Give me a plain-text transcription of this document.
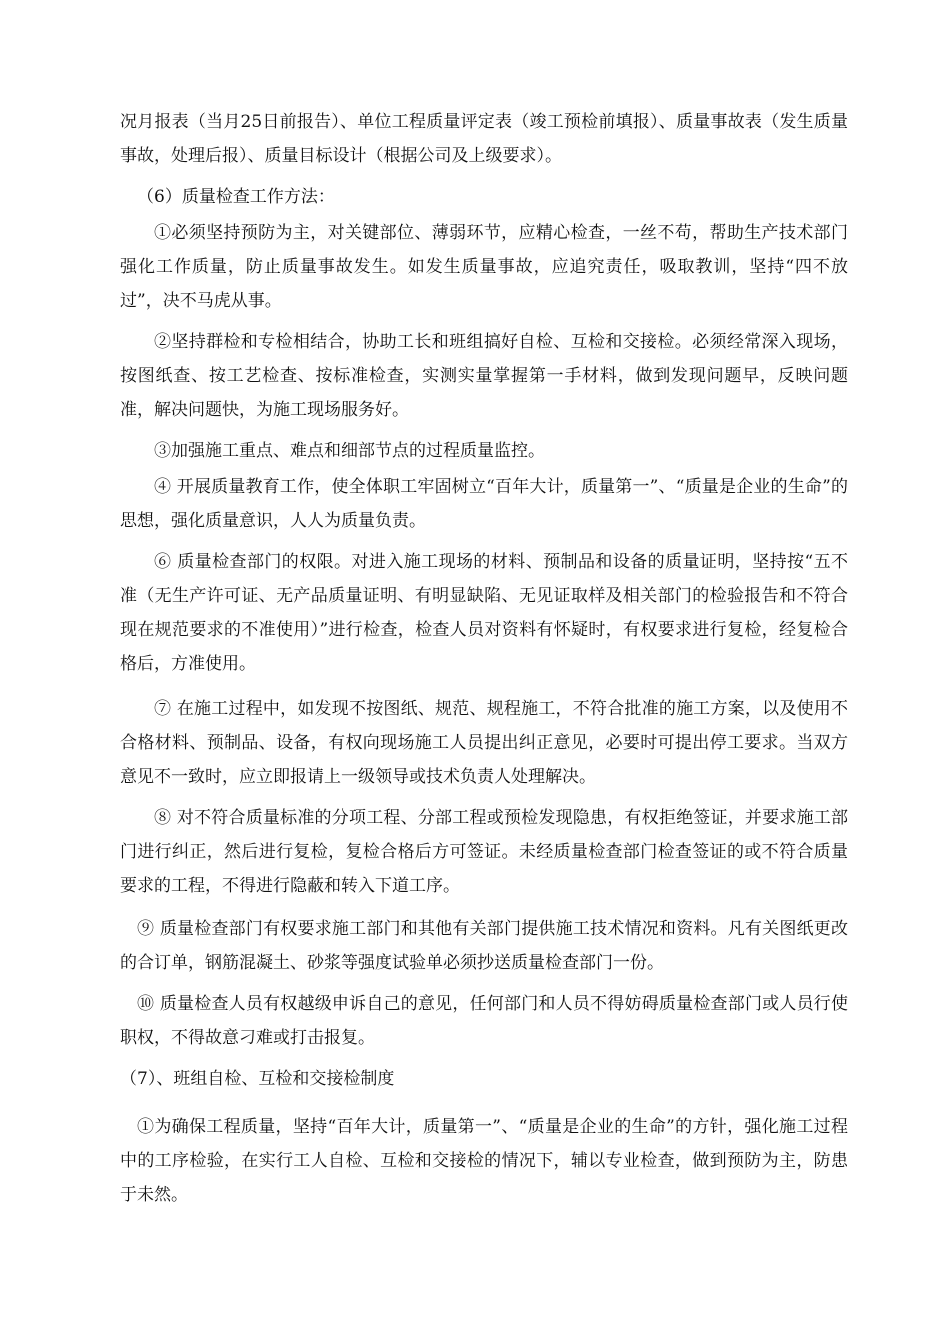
况月报表（当月25日前报告）、单位工程质量评定表（竣工预检前填报）、质量事故表（发生质量事故，处理后报）、质量目标设计（根据公司及上级要求）。

（6）质量检查工作方法：

①必须坚持预防为主，对关键部位、薄弱环节，应精心检查，一丝不苟，帮助生产技术部门强化工作质量，防止质量事故发生。如发生质量事故，应追究责任，吸取教训，坚持“四不放过”，决不马虎从事。

②坚持群检和专检相结合，协助工长和班组搞好自检、互检和交接检。必须经常深入现场，按图纸查、按工艺检查、按标准检查，实测实量掌握第一手材料，做到发现问题早，反映问题准，解决问题快，为施工现场服务好。

③加强施工重点、难点和细部节点的过程质量监控。

④ 开展质量教育工作，使全体职工牢固树立“百年大计，质量第一”、“质量是企业的生命”的思想，强化质量意识，人人为质量负责。

⑥ 质量检查部门的权限。对进入施工现场的材料、预制品和设备的质量证明，坚持按“五不准（无生产许可证、无产品质量证明、有明显缺陷、无见证取样及相关部门的检验报告和不符合现在规范要求的不准使用）”进行检查，检查人员对资料有怀疑时，有权要求进行复检，经复检合格后，方准使用。

⑦ 在施工过程中，如发现不按图纸、规范、规程施工，不符合批准的施工方案，以及使用不合格材料、预制品、设备，有权向现场施工人员提出纠正意见，必要时可提出停工要求。当双方意见不一致时，应立即报请上一级领导或技术负责人处理解决。

⑧ 对不符合质量标准的分项工程、分部工程或预检发现隐患，有权拒绝签证，并要求施工部门进行纠正，然后进行复检，复检合格后方可签证。未经质量检查部门检查签证的或不符合质量要求的工程，不得进行隐蔽和转入下道工序。

⑨ 质量检查部门有权要求施工部门和其他有关部门提供施工技术情况和资料。凡有关图纸更改的合订单，钢筋混凝土、砂浆等强度试验单必须抄送质量检查部门一份。

⑩ 质量检查人员有权越级申诉自己的意见，任何部门和人员不得妨碍质量检查部门或人员行使职权，不得故意刁难或打击报复。

（7）、班组自检、互检和交接检制度

①为确保工程质量，坚持“百年大计，质量第一”、“质量是企业的生命”的方针，强化施工过程中的工序检验，在实行工人自检、互检和交接检的情况下，辅以专业检查，做到预防为主，防患于未然。
